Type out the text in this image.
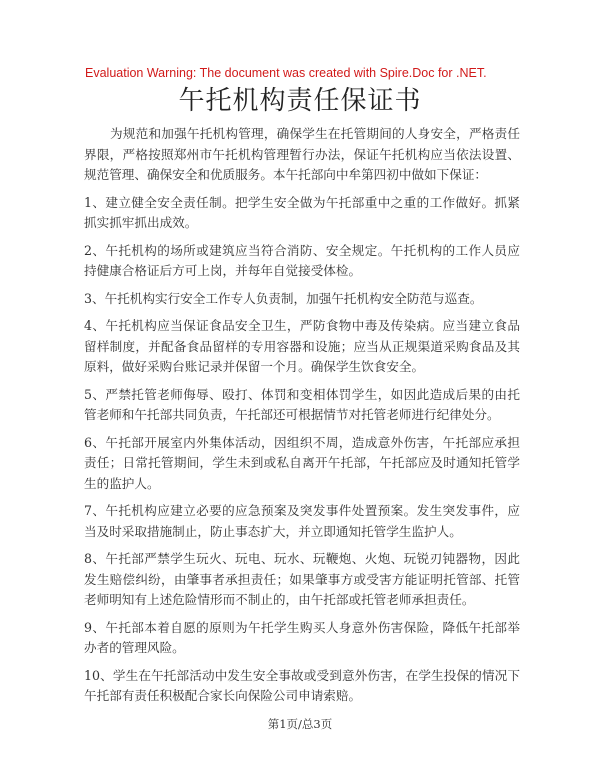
Evaluation Warning: The document was created with Spire.Doc for .NET.
午托机构责任保证书

为规范和加强午托机构管理，确保学生在托管期间的人身安全，严格责任界限，严格按照郑州市午托机构管理暂行办法，保证午托机构应当依法设置、规范管理、确保安全和优质服务。本午托部向中牟第四初中做如下保证：

1、建立健全安全责任制。把学生安全做为午托部重中之重的工作做好。抓紧抓实抓牢抓出成效。

2、午托机构的场所或建筑应当符合消防、安全规定。午托机构的工作人员应持健康合格证后方可上岗，并每年自觉接受体检。

3、午托机构实行安全工作专人负责制，加强午托机构安全防范与巡查。

4、午托机构应当保证食品安全卫生，严防食物中毒及传染病。应当建立食品留样制度，并配备食品留样的专用容器和设施；应当从正规渠道采购食品及其原料，做好采购台账记录并保留一个月。确保学生饮食安全。

5、严禁托管老师侮辱、殴打、体罚和变相体罚学生，如因此造成后果的由托管老师和午托部共同负责，午托部还可根据情节对托管老师进行纪律处分。

6、午托部开展室内外集体活动，因组织不周，造成意外伤害，午托部应承担责任；日常托管期间，学生未到或私自离开午托部，午托部应及时通知托管学生的监护人。

7、午托机构应建立必要的应急预案及突发事件处置预案。发生突发事件，应当及时采取措施制止，防止事态扩大，并立即通知托管学生监护人。

8、午托部严禁学生玩火、玩电、玩水、玩鞭炮、火炮、玩锐刃钝器物，因此发生赔偿纠纷，由肇事者承担责任；如果肇事方或受害方能证明托管部、托管老师明知有上述危险情形而不制止的，由午托部或托管老师承担责任。

9、午托部本着自愿的原则为午托学生购买人身意外伤害保险，降低午托部举办者的管理风险。

10、学生在午托部活动中发生安全事故或受到意外伤害，在学生投保的情况下午托部有责任积极配合家长向保险公司申请索赔。

第1页/总3页
